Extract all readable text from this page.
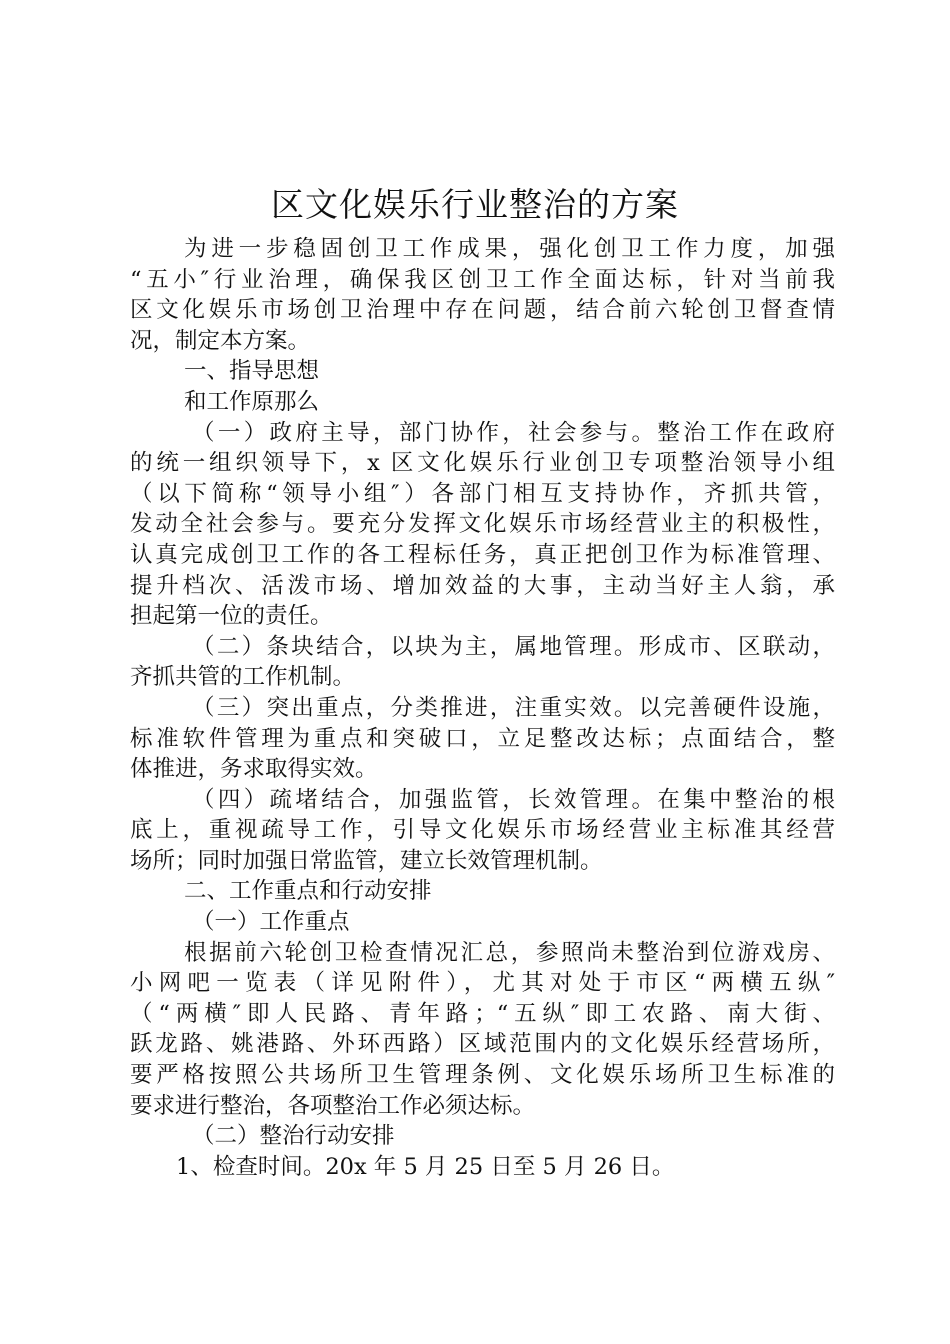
区文化娱乐行业整治的方案
为进一步稳固创卫工作成果，强化创卫工作力度，加强
“五小″行业治理，确保我区创卫工作全面达标，针对当前我
区文化娱乐市场创卫治理中存在问题，结合前六轮创卫督查情
况，制定本方案。
一、指导思想
和工作原那么
（一）政府主导，部门协作，社会参与。整治工作在政府
的统一组织领导下，x 区文化娱乐行业创卫专项整治领导小组
（以下简称“领导小组″）各部门相互支持协作，齐抓共管，
发动全社会参与。要充分发挥文化娱乐市场经营业主的积极性，
认真完成创卫工作的各工程标任务，真正把创卫作为标准管理、
提升档次、活泼市场、增加效益的大事，主动当好主人翁，承
担起第一位的责任。
（二）条块结合，以块为主，属地管理。形成市、区联动，
齐抓共管的工作机制。
（三）突出重点，分类推进，注重实效。以完善硬件设施，
标准软件管理为重点和突破口，立足整改达标；点面结合，整
体推进，务求取得实效。
（四）疏堵结合，加强监管，长效管理。在集中整治的根
底上，重视疏导工作，引导文化娱乐市场经营业主标准其经营
场所；同时加强日常监管，建立长效管理机制。
二、工作重点和行动安排
（一）工作重点
根据前六轮创卫检查情况汇总，参照尚未整治到位游戏房、
小网吧一览表（详见附件），尤其对处于市区“两横五纵″
（“两横″即人民路、青年路；“五纵″即工农路、南大街、
跃龙路、姚港路、外环西路）区域范围内的文化娱乐经营场所，
要严格按照公共场所卫生管理条例、文化娱乐场所卫生标准的
要求进行整治，各项整治工作必须达标。
（二）整治行动安排
1、检查时间。20x 年 5 月 25 日至 5 月 26 日。
